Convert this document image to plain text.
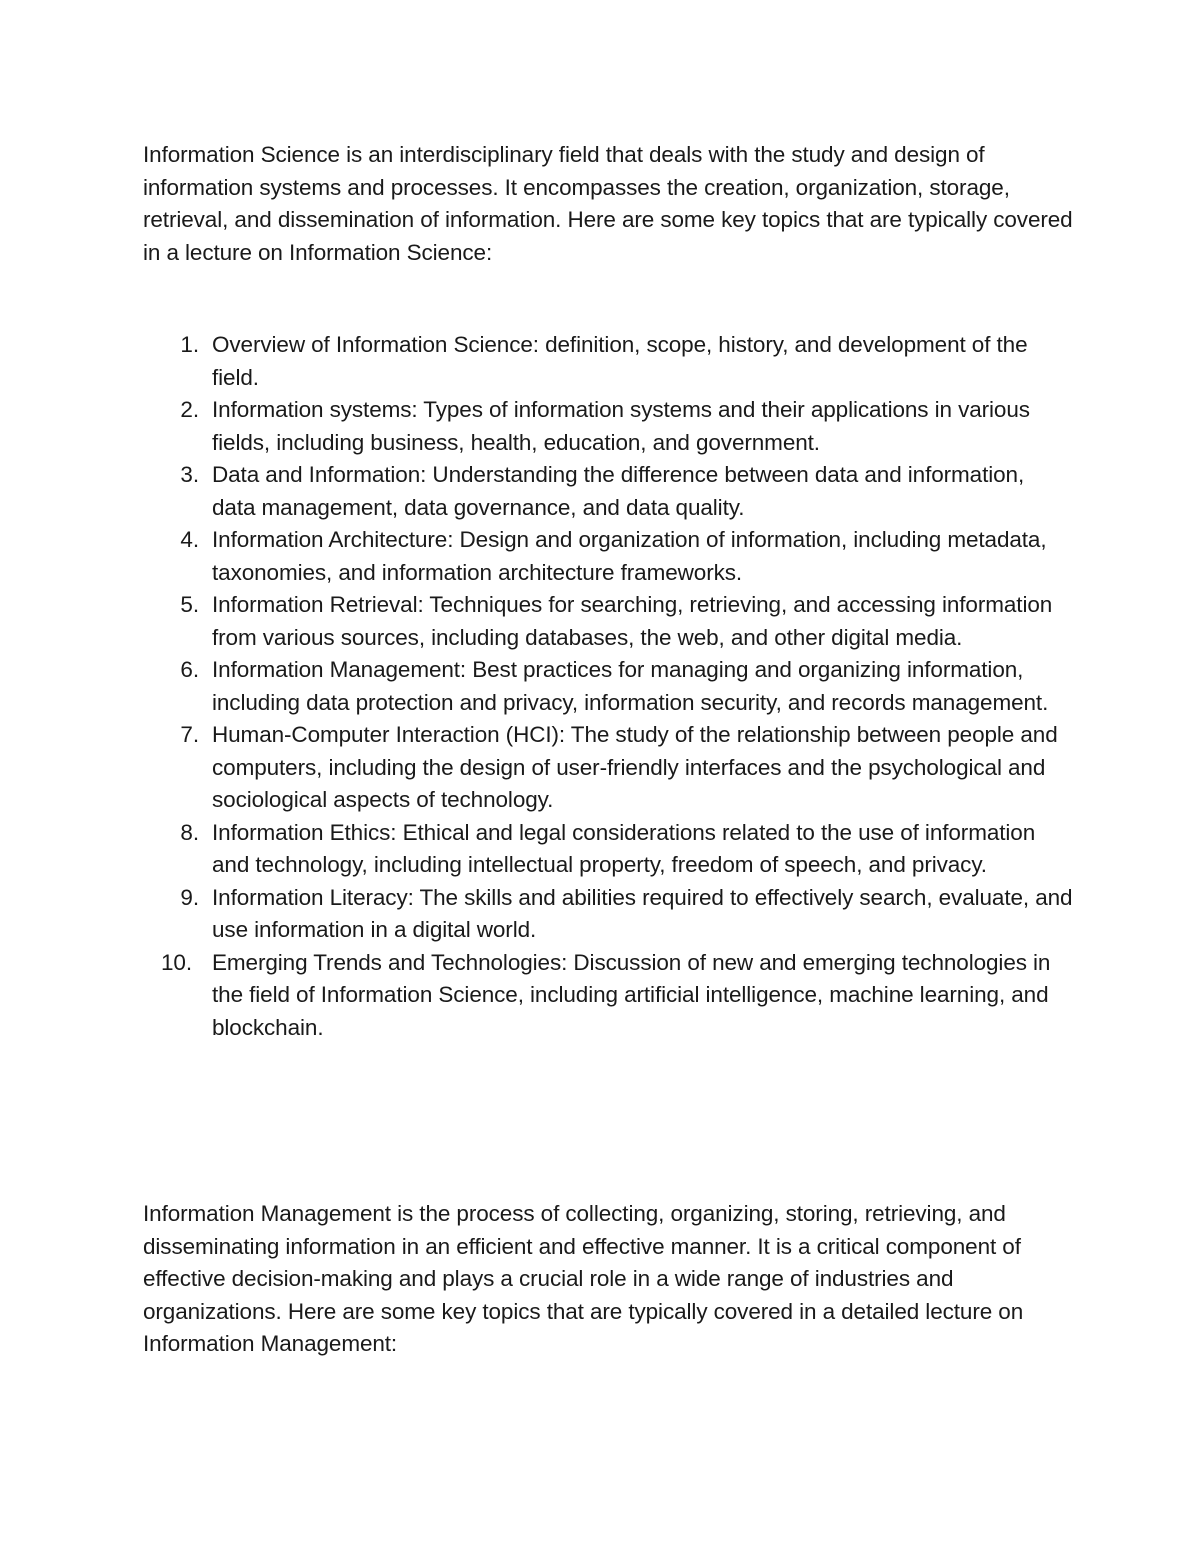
Information Science is an interdisciplinary field that deals with the study and design of information systems and processes. It encompasses the creation, organization, storage, retrieval, and dissemination of information. Here are some key topics that are typically covered in a lecture on Information Science:

1. Overview of Information Science: definition, scope, history, and development of the field.
2. Information systems: Types of information systems and their applications in various fields, including business, health, education, and government.
3. Data and Information: Understanding the difference between data and information, data management, data governance, and data quality.
4. Information Architecture: Design and organization of information, including metadata, taxonomies, and information architecture frameworks.
5. Information Retrieval: Techniques for searching, retrieving, and accessing information from various sources, including databases, the web, and other digital media.
6. Information Management: Best practices for managing and organizing information, including data protection and privacy, information security, and records management.
7. Human-Computer Interaction (HCI): The study of the relationship between people and computers, including the design of user-friendly interfaces and the psychological and sociological aspects of technology.
8. Information Ethics: Ethical and legal considerations related to the use of information and technology, including intellectual property, freedom of speech, and privacy.
9. Information Literacy: The skills and abilities required to effectively search, evaluate, and use information in a digital world.
10. Emerging Trends and Technologies: Discussion of new and emerging technologies in the field of Information Science, including artificial intelligence, machine learning, and blockchain.

Information Management is the process of collecting, organizing, storing, retrieving, and disseminating information in an efficient and effective manner. It is a critical component of effective decision-making and plays a crucial role in a wide range of industries and organizations. Here are some key topics that are typically covered in a detailed lecture on Information Management:
